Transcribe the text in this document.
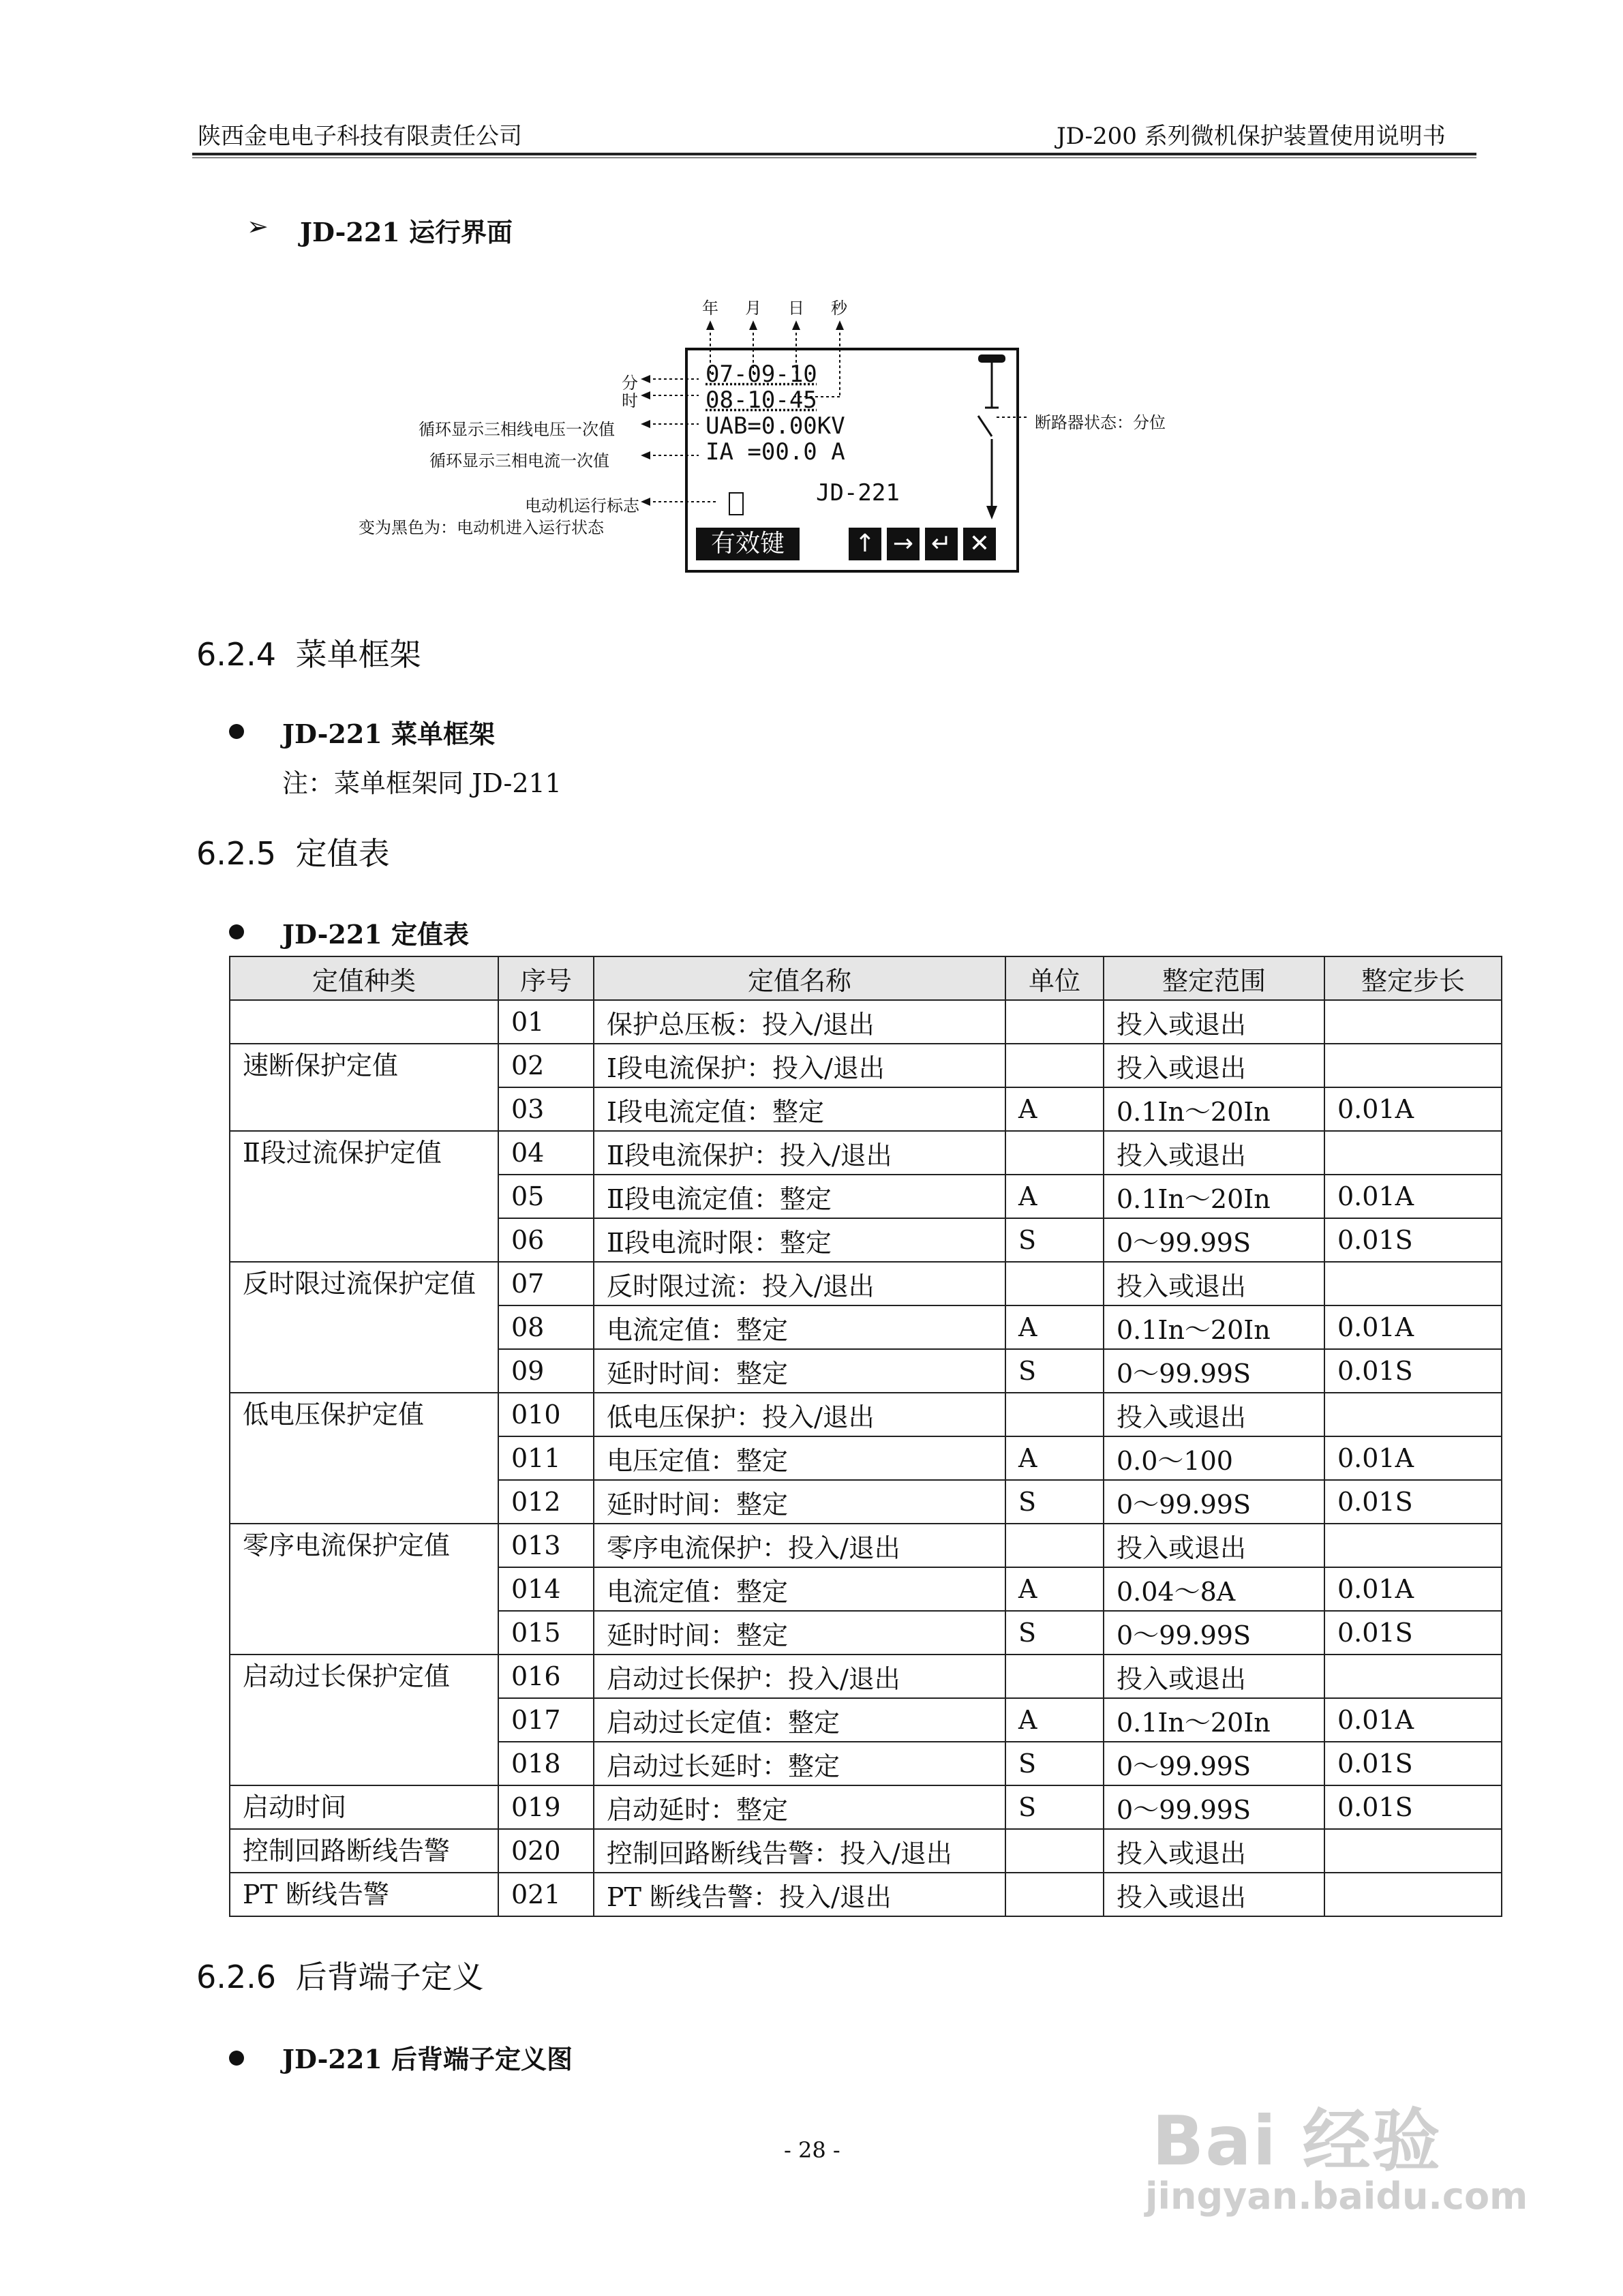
陕西金电电子科技有限责任公司	JD-200 系列微机保护装置使用说明书
➢ JD-221 运行界面
年 月 日 秒
分
时
循环显示三相线电压一次值
循环显示三相电流一次值
电动机运行标志
变为黑色为：电动机进入运行状态
断路器状态：分位
07-09-10
08-10-45
UAB=0.00KV
IA =00.0 A
JD-221
有效键	↑ → ↵ ✕
6.2.4 菜单框架
JD-221 菜单框架
注：菜单框架同 JD-211
6.2.5 定值表
JD-221 定值表
定值种类	序号	定值名称	单位	整定范围	整定步长
	01	保护总压板：投入/退出		投入或退出	
速断保护定值	02	Ⅰ段电流保护：投入/退出		投入或退出	
	03	Ⅰ段电流定值：整定	A	0.1In～20In	0.01A
Ⅱ段过流保护定值	04	Ⅱ段电流保护：投入/退出		投入或退出	
	05	Ⅱ段电流定值：整定	A	0.1In～20In	0.01A
	06	Ⅱ段电流时限：整定	S	0～99.99S	0.01S
反时限过流保护定值	07	反时限过流：投入/退出		投入或退出	
	08	电流定值：整定	A	0.1In～20In	0.01A
	09	延时时间：整定	S	0～99.99S	0.01S
低电压保护定值	010	低电压保护：投入/退出		投入或退出	
	011	电压定值：整定	A	0.0～100	0.01A
	012	延时时间：整定	S	0～99.99S	0.01S
零序电流保护定值	013	零序电流保护：投入/退出		投入或退出	
	014	电流定值：整定	A	0.04～8A	0.01A
	015	延时时间：整定	S	0～99.99S	0.01S
启动过长保护定值	016	启动过长保护：投入/退出		投入或退出	
	017	启动过长定值：整定	A	0.1In～20In	0.01A
	018	启动过长延时：整定	S	0～99.99S	0.01S
启动时间	019	启动延时：整定	S	0～99.99S	0.01S
控制回路断线告警	020	控制回路断线告警：投入/退出		投入或退出	
PT 断线告警	021	PT 断线告警：投入/退出		投入或退出	
6.2.6 后背端子定义
JD-221 后背端子定义图
- 28 -	Bai 经验
jingyan.baidu.com
